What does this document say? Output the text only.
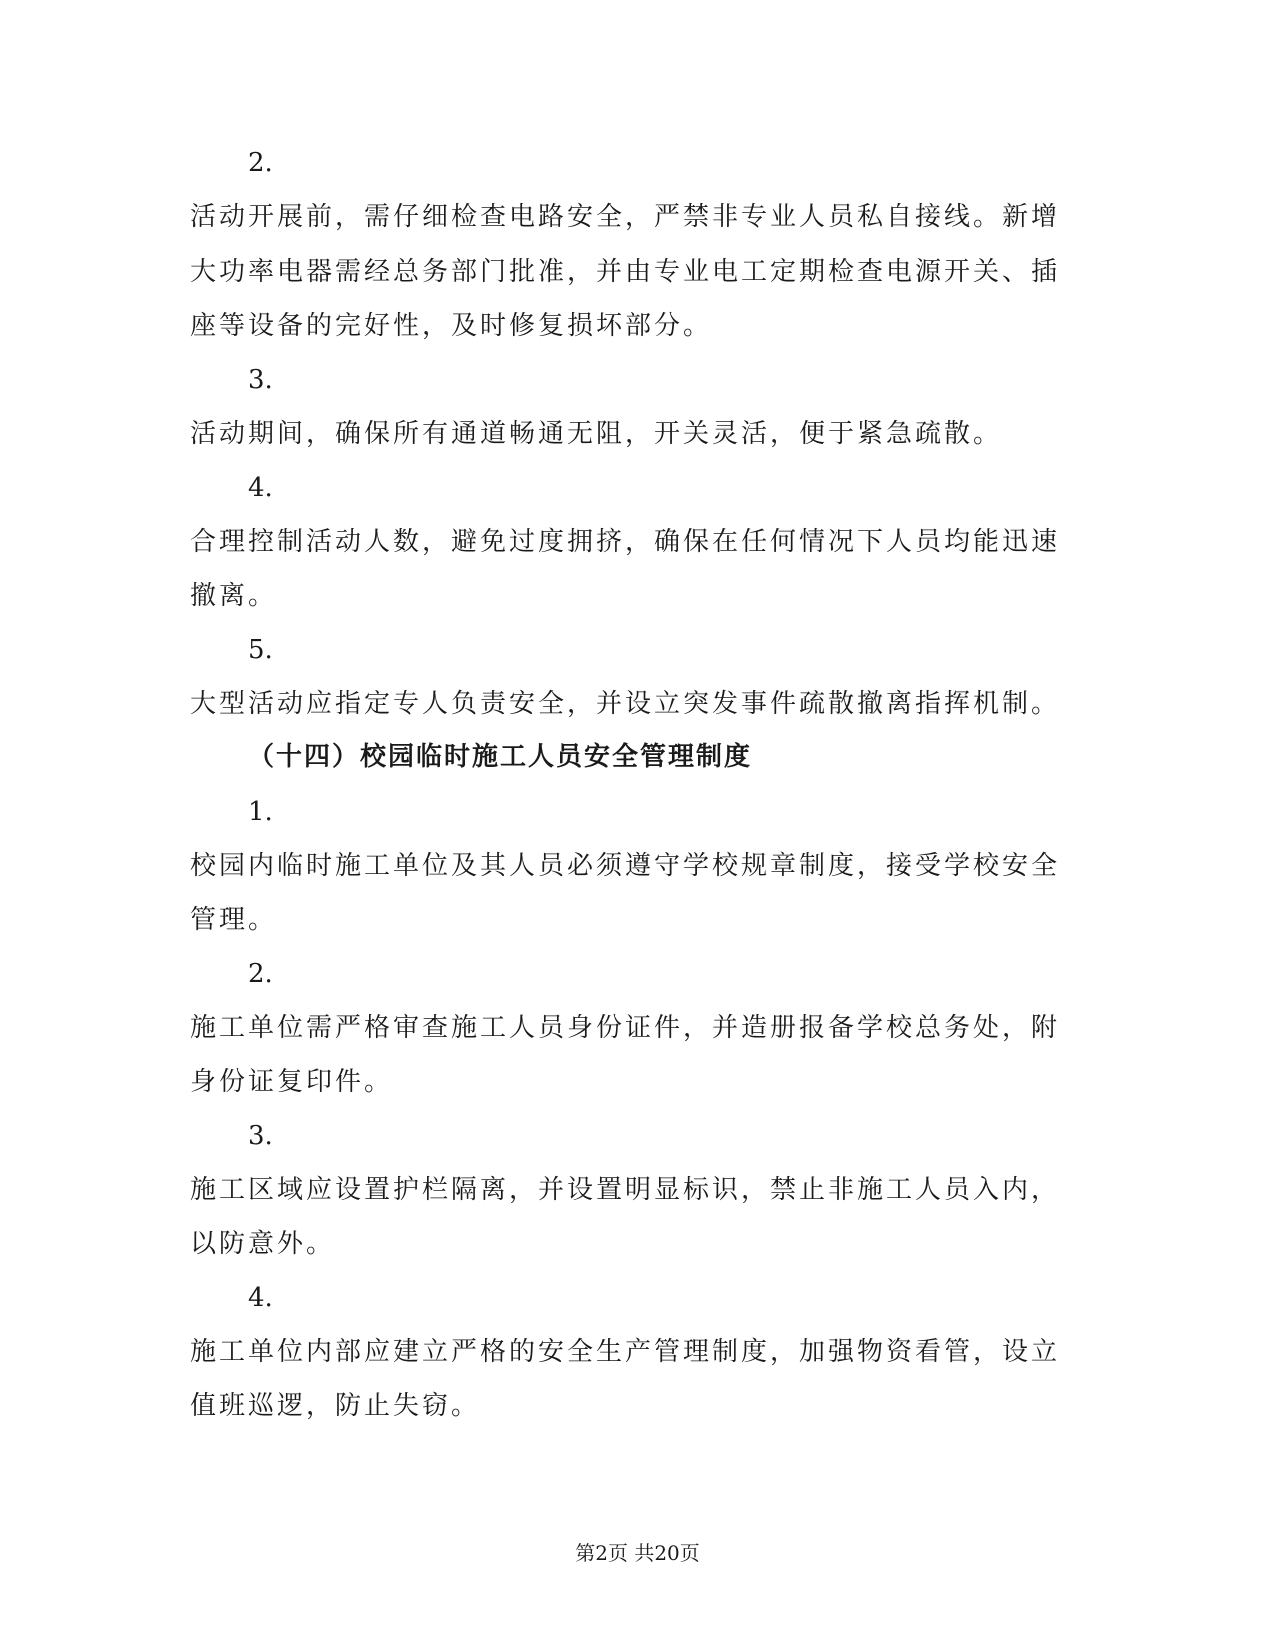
2.
活动开展前，需仔细检查电路安全，严禁非专业人员私自接线。新增
大功率电器需经总务部门批准，并由专业电工定期检查电源开关、插
座等设备的完好性，及时修复损坏部分。
3.
活动期间，确保所有通道畅通无阻，开关灵活，便于紧急疏散。
4.
合理控制活动人数，避免过度拥挤，确保在任何情况下人员均能迅速
撤离。
5.
大型活动应指定专人负责安全，并设立突发事件疏散撤离指挥机制。
（十四）校园临时施工人员安全管理制度
1.
校园内临时施工单位及其人员必须遵守学校规章制度，接受学校安全
管理。
2.
施工单位需严格审查施工人员身份证件，并造册报备学校总务处，附
身份证复印件。
3.
施工区域应设置护栏隔离，并设置明显标识，禁止非施工人员入内，
以防意外。
4.
施工单位内部应建立严格的安全生产管理制度，加强物资看管，设立
值班巡逻，防止失窃。
第2页 共20页
